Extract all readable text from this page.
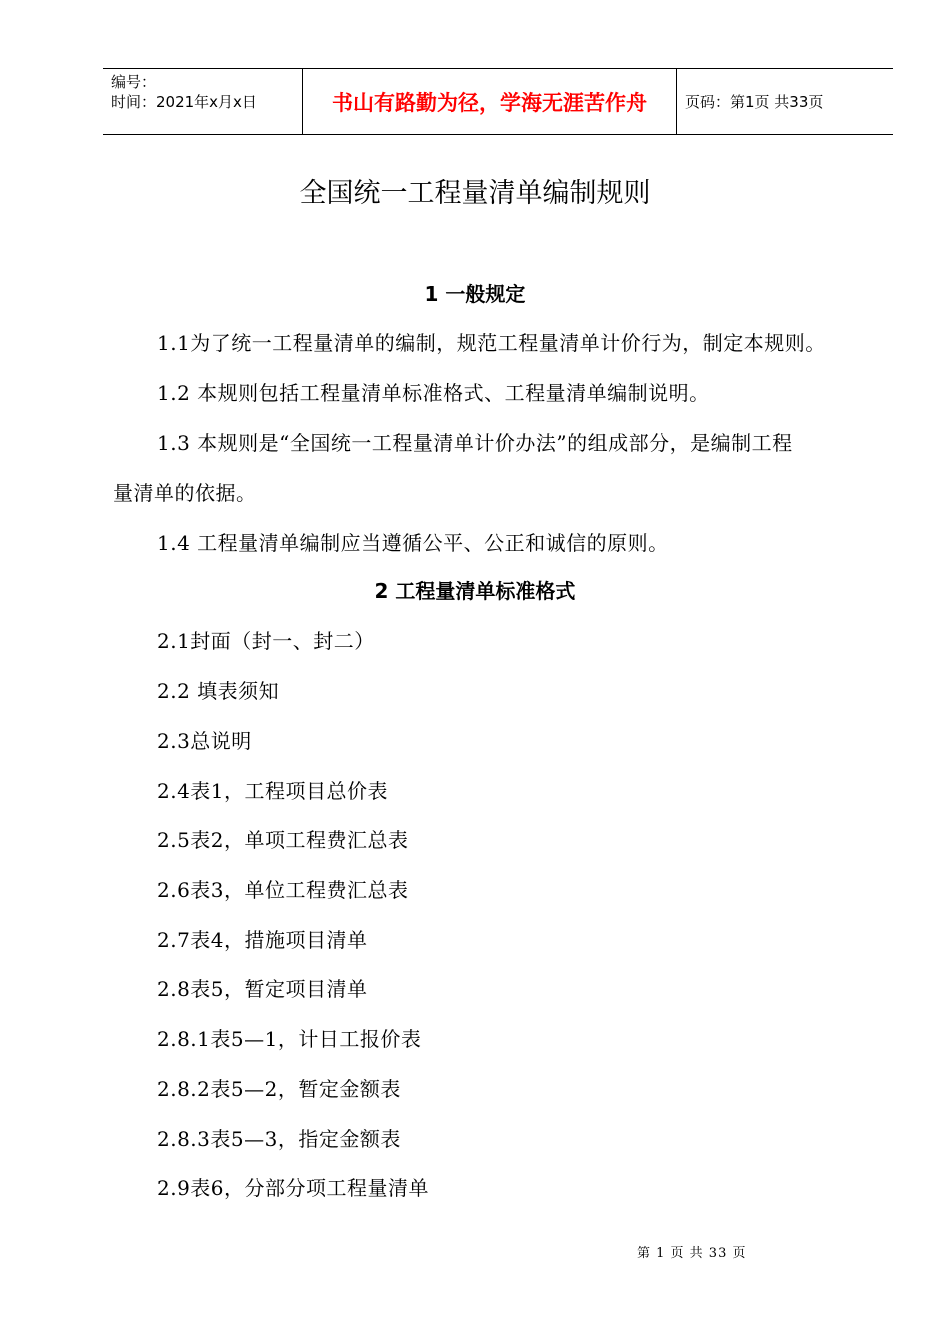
编号：
时间：2021年x月x日	书山有路勤为径，学海无涯苦作舟	页码：第1页 共33页
全国统一工程量清单编制规则
1 一般规定
1.1为了统一工程量清单的编制，规范工程量清单计价行为，制定本规则。
1.2 本规则包括工程量清单标准格式、工程量清单编制说明。
1.3 本规则是“全国统一工程量清单计价办法”的组成部分，是编制工程
量清单的依据。
1.4 工程量清单编制应当遵循公平、公正和诚信的原则。
2 工程量清单标准格式
2.1封面（封一、封二）
2.2 填表须知
2.3总说明
2.4表1，工程项目总价表
2.5表2，单项工程费汇总表
2.6表3，单位工程费汇总表
2.7表4，措施项目清单
2.8表5，暂定项目清单
2.8.1表5—1，计日工报价表
2.8.2表5—2，暂定金额表
2.8.3表5—3，指定金额表
2.9表6，分部分项工程量清单
第 1 页 共 33 页
